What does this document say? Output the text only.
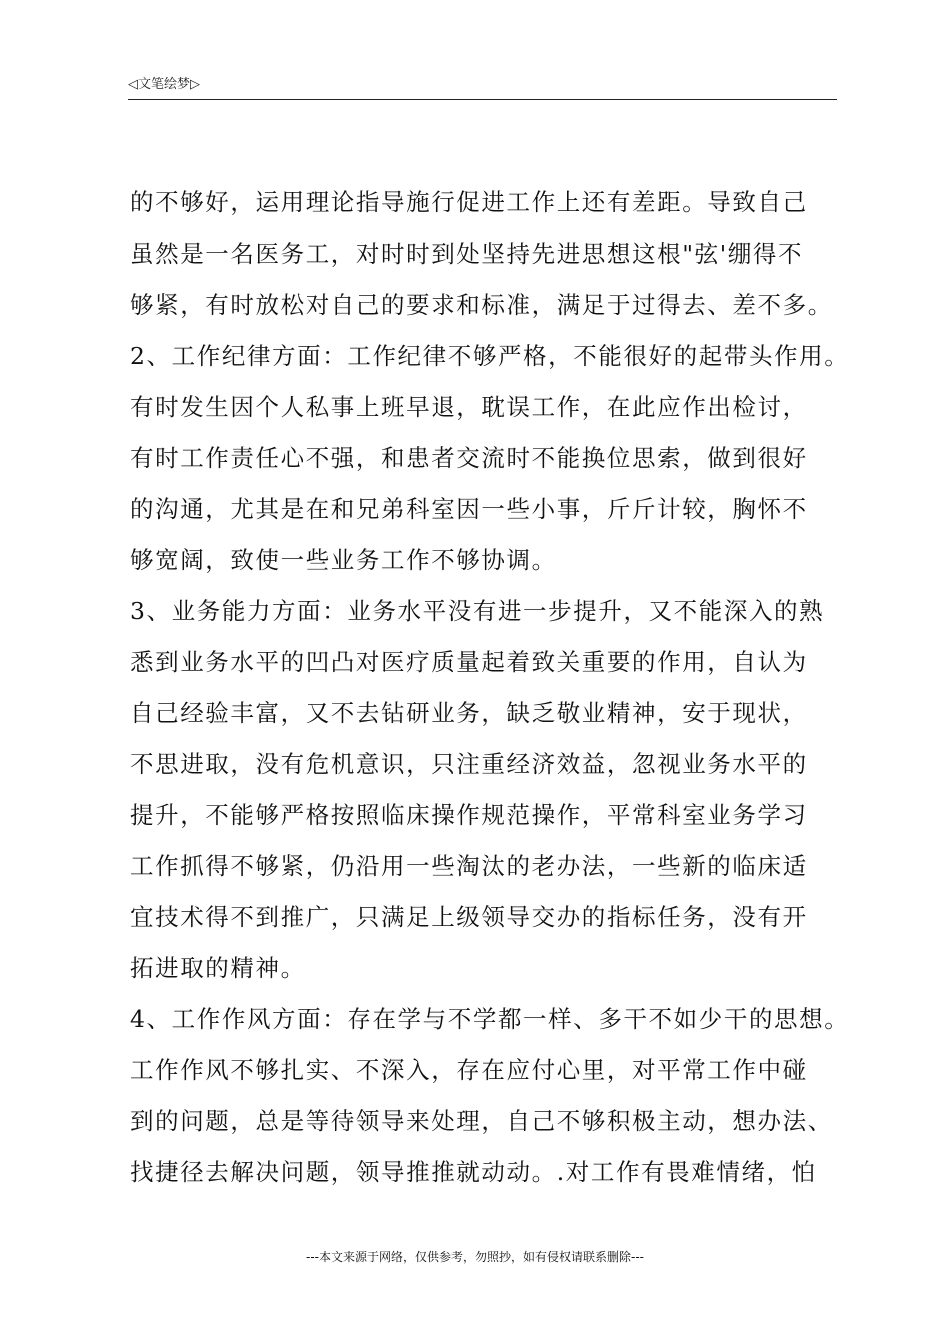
◁文笔绘梦▷
的不够好，运用理论指导施行促进工作上还有差距。导致自己
虽然是一名医务工，对时时到处坚持先进思想这根"弦'绷得不
够紧，有时放松对自己的要求和标准，满足于过得去、差不多。
2、工作纪律方面：工作纪律不够严格，不能很好的起带头作用。
有时发生因个人私事上班早退，耽误工作，在此应作出检讨，
有时工作责任心不强，和患者交流时不能换位思索，做到很好
的沟通，尤其是在和兄弟科室因一些小事，斤斤计较，胸怀不
够宽阔，致使一些业务工作不够协调。
3、业务能力方面：业务水平没有进一步提升，又不能深入的熟
悉到业务水平的凹凸对医疗质量起着致关重要的作用，自认为
自己经验丰富，又不去钻研业务，缺乏敬业精神，安于现状，
不思进取，没有危机意识，只注重经济效益，忽视业务水平的
提升，不能够严格按照临床操作规范操作，平常科室业务学习
工作抓得不够紧，仍沿用一些淘汰的老办法，一些新的临床适
宜技术得不到推广，只满足上级领导交办的指标任务，没有开
拓进取的精神。
4、工作作风方面：存在学与不学都一样、多干不如少干的思想。
工作作风不够扎实、不深入，存在应付心里，对平常工作中碰
到的问题，总是等待领导来处理，自己不够积极主动，想办法、
找捷径去解决问题，领导推推就动动。.对工作有畏难情绪，怕
---本文来源于网络，仅供参考，勿照抄，如有侵权请联系删除---
